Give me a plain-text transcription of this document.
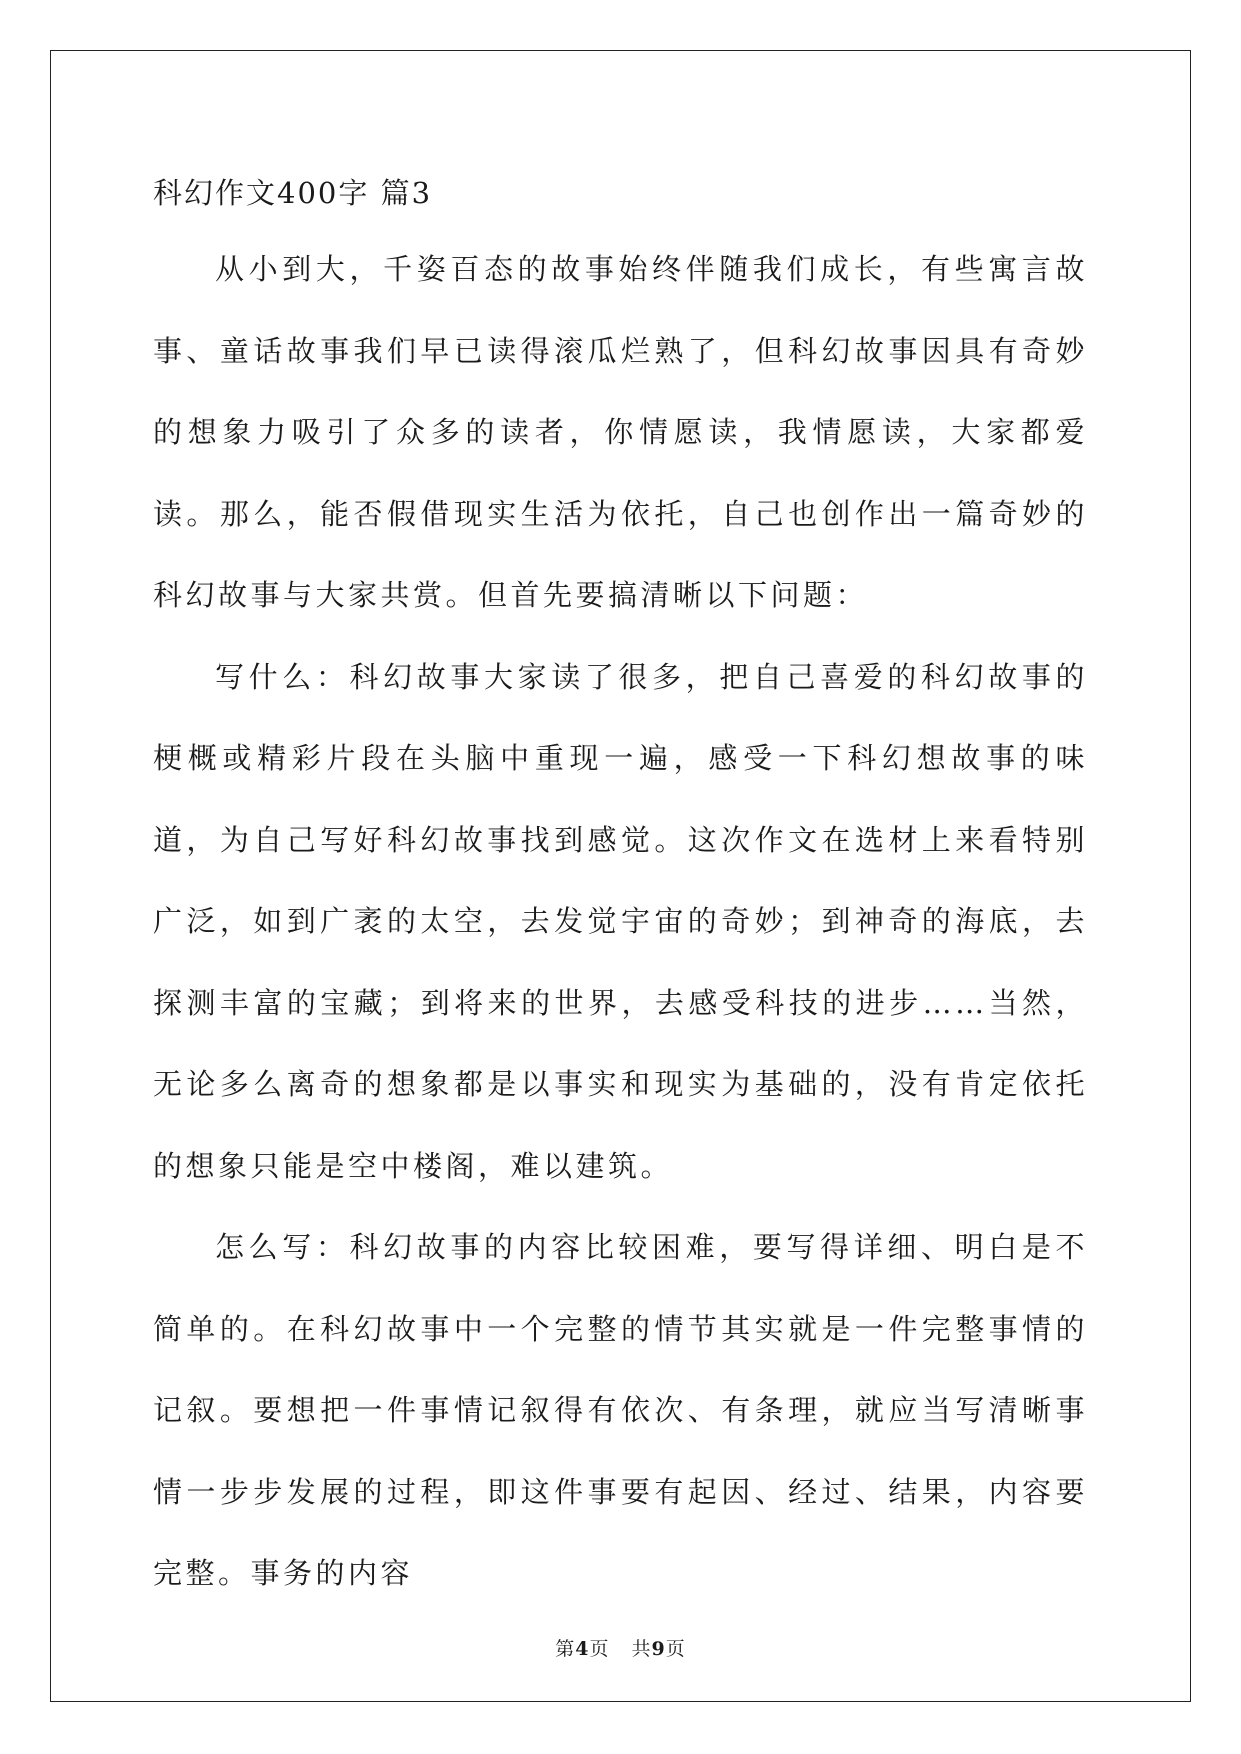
科幻作文400字 篇3

从小到大，千姿百态的故事始终伴随我们成长，有些寓言故事、童话故事我们早已读得滚瓜烂熟了，但科幻故事因具有奇妙的想象力吸引了众多的读者，你情愿读，我情愿读，大家都爱读。那么，能否假借现实生活为依托，自己也创作出一篇奇妙的科幻故事与大家共赏。但首先要搞清晰以下问题：

写什么：科幻故事大家读了很多，把自己喜爱的科幻故事的梗概或精彩片段在头脑中重现一遍，感受一下科幻想故事的味道，为自己写好科幻故事找到感觉。这次作文在选材上来看特别广泛，如到广袤的太空，去发觉宇宙的奇妙；到神奇的海底，去探测丰富的宝藏；到将来的世界，去感受科技的进步……当然，无论多么离奇的想象都是以事实和现实为基础的，没有肯定依托的想象只能是空中楼阁，难以建筑。

怎么写：科幻故事的内容比较困难，要写得详细、明白是不简单的。在科幻故事中一个完整的情节其实就是一件完整事情的记叙。要想把一件事情记叙得有依次、有条理，就应当写清晰事情一步步发展的过程，即这件事要有起因、经过、结果，内容要完整。事务的内容

第4页 共9页
